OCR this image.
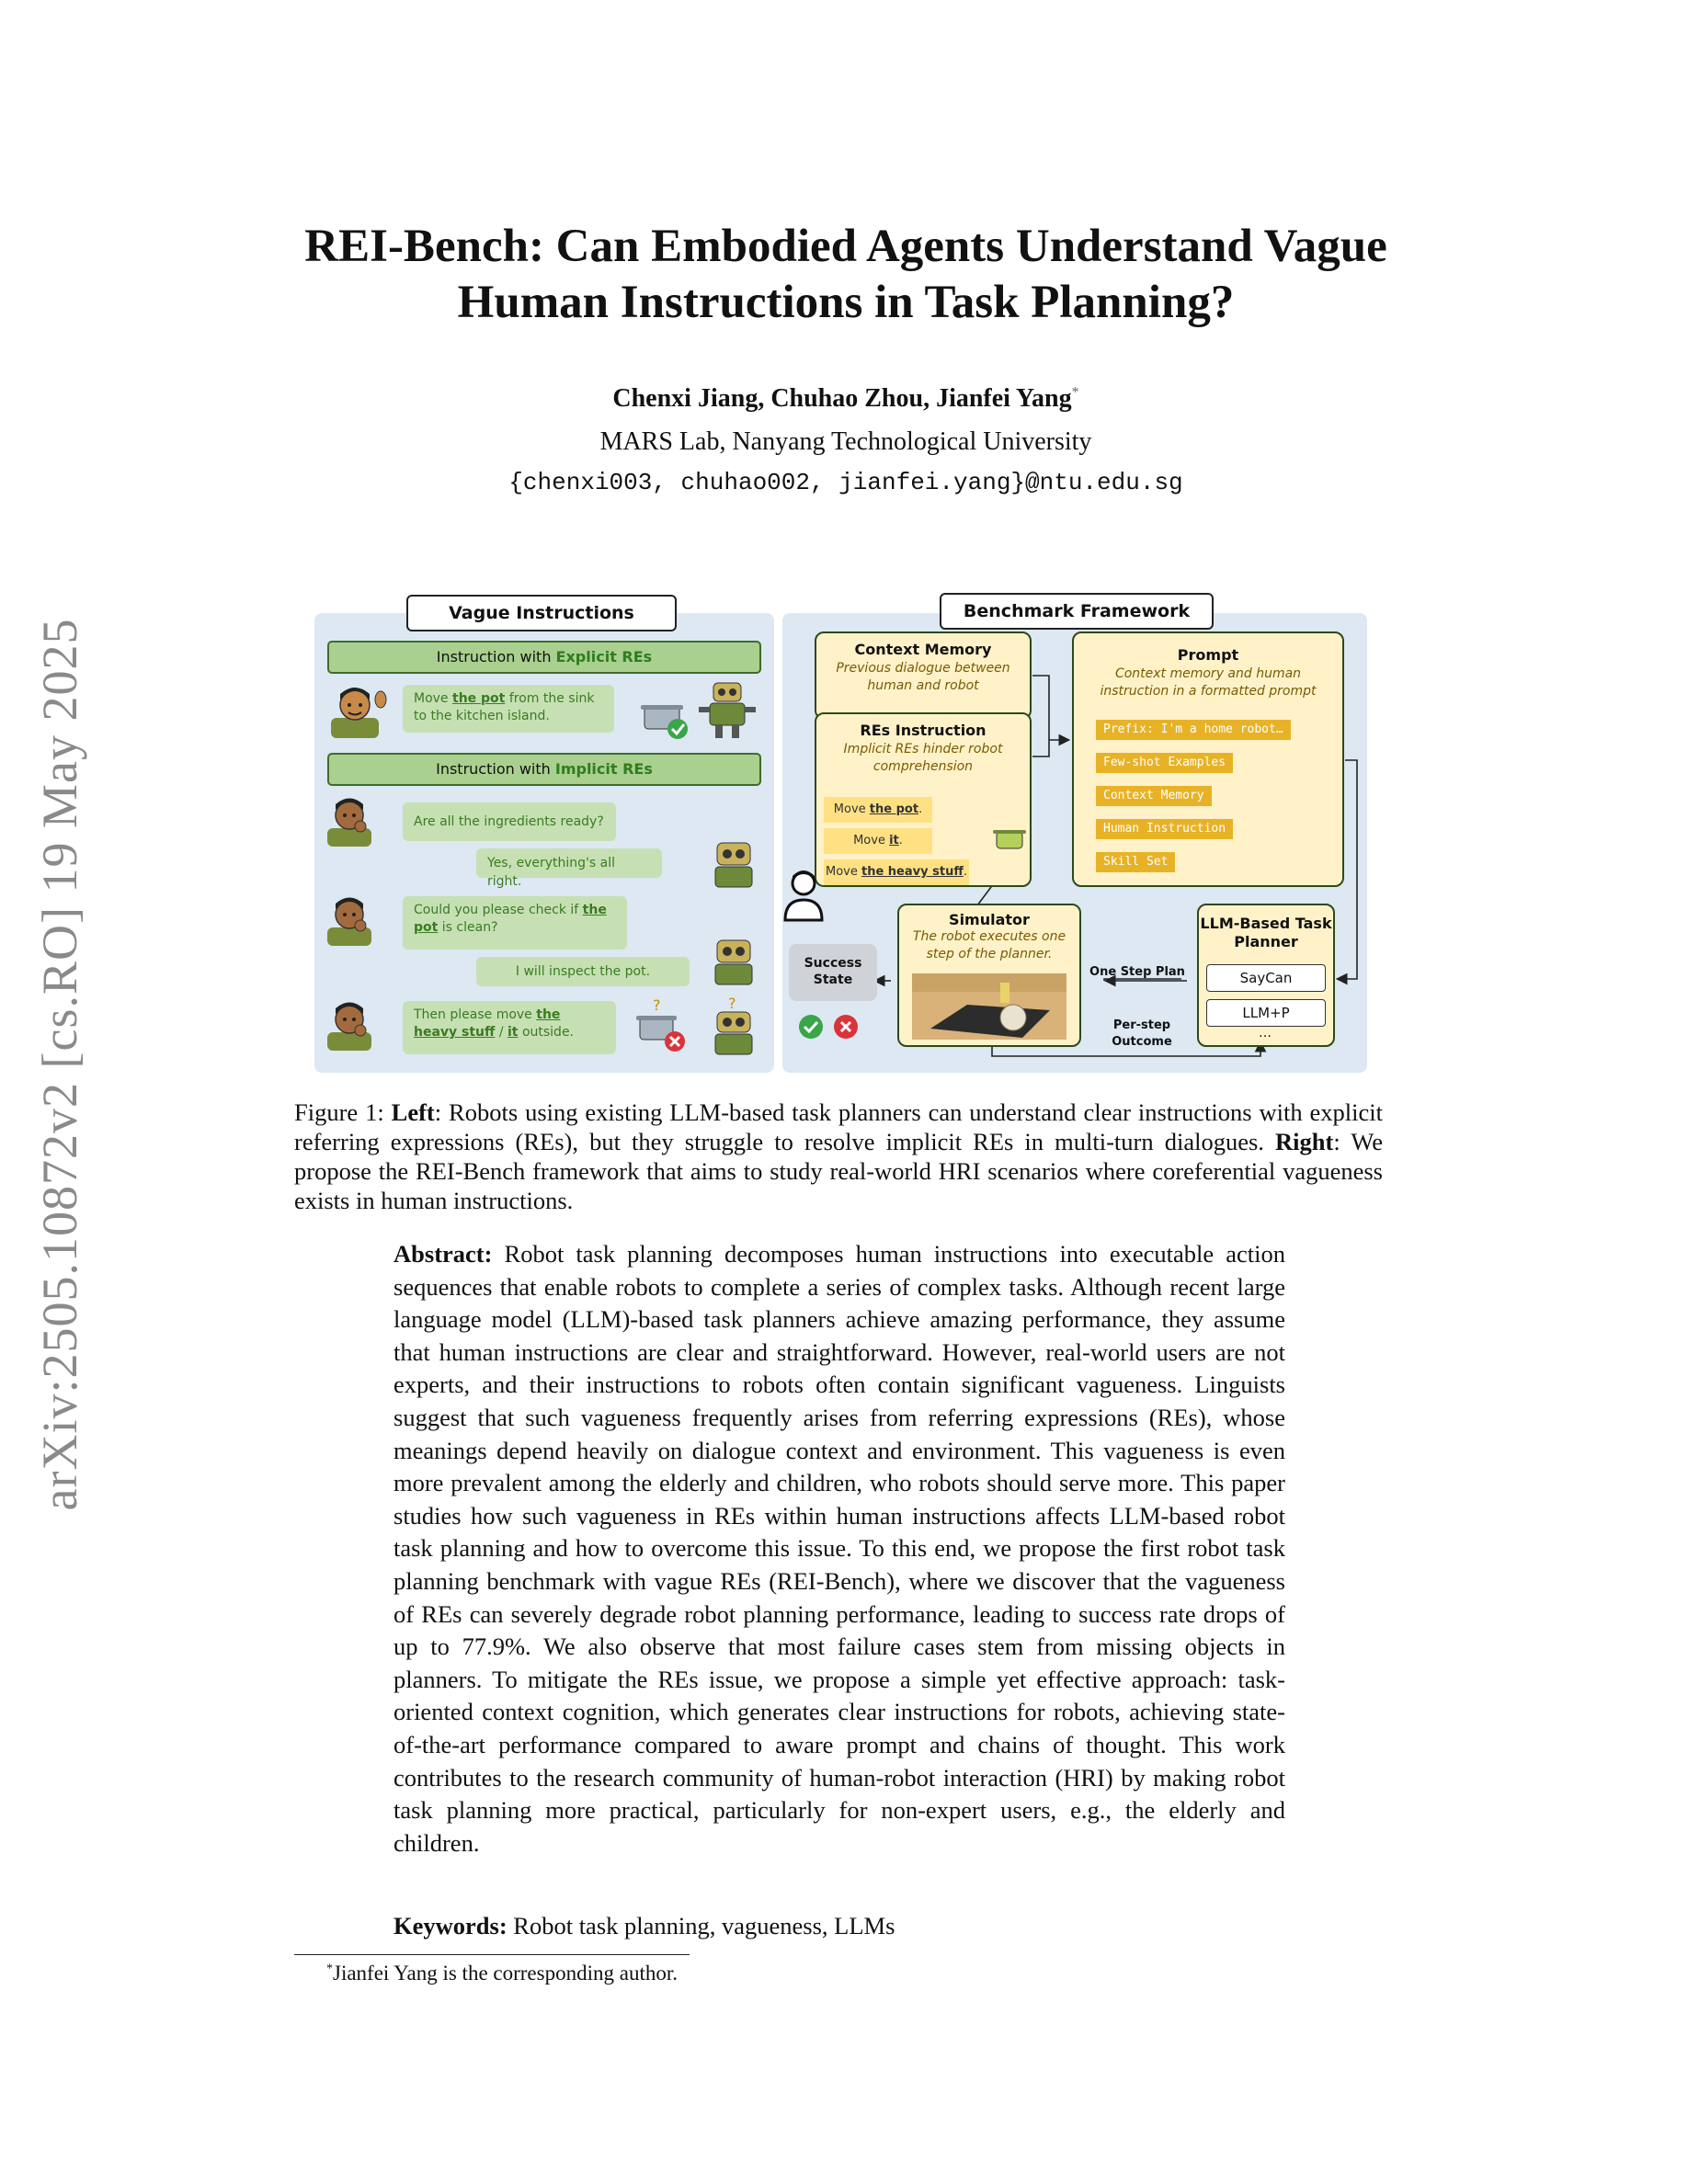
arXiv:2505.10872v2 [cs.RO] 19 May 2025
REI-Bench: Can Embodied Agents Understand Vague
Human Instructions in Task Planning?
Chenxi Jiang, Chuhao Zhou, Jianfei Yang*
MARS Lab, Nanyang Technological University
{chenxi003, chuhao002, jianfei.yang}@ntu.edu.sg
Vague Instructions
Instruction with Explicit REs
Move the pot from the sink to the kitchen island.
Instruction with Implicit REs
Are all the ingredients ready?
Yes, everything's all right.
Could you please check if the pot is clean?
I will inspect the pot.
Then please move the heavy stuff / it outside.
?	?
Benchmark Framework
Context Memory
Previous dialogue between human and robot
REs Instruction
Implicit REs hinder robot comprehension
Move the pot.
Move it.
Move the heavy stuff.
Prompt
Context memory and human instruction in a formatted prompt
Prefix: I'm a home robot…
Few-shot Examples
Context Memory
Human Instruction
Skill Set
Simulator
The robot executes one step of the planner.
Success State
One Step Plan
Per-step Outcome
LLM-Based Task Planner
SayCan
LLM+P
…
Figure 1: Left: Robots using existing LLM-based task planners can understand clear instructions with explicit referring expressions (REs), but they struggle to resolve implicit REs in multi-turn dialogues. Right: We propose the REI-Bench framework that aims to study real-world HRI scenarios where coreferential vagueness exists in human instructions.
Abstract: Robot task planning decomposes human instructions into executable action sequences that enable robots to complete a series of complex tasks. Although recent large language model (LLM)-based task planners achieve amazing performance, they assume that human instructions are clear and straightforward. However, real-world users are not experts, and their instructions to robots often contain significant vagueness. Linguists suggest that such vagueness frequently arises from referring expressions (REs), whose meanings depend heavily on dialogue context and environment. This vagueness is even more prevalent among the elderly and children, who robots should serve more. This paper studies how such vagueness in REs within human instructions affects LLM-based robot task planning and how to overcome this issue. To this end, we propose the first robot task planning benchmark with vague REs (REI-Bench), where we discover that the vagueness of REs can severely degrade robot planning performance, leading to success rate drops of up to 77.9%. We also observe that most failure cases stem from missing objects in planners. To mitigate the REs issue, we propose a simple yet effective approach: task-oriented context cognition, which generates clear instructions for robots, achieving state-of-the-art performance compared to aware prompt and chains of thought. This work contributes to the research community of human-robot interaction (HRI) by making robot task planning more practical, particularly for non-expert users, e.g., the elderly and children.
Keywords: Robot task planning, vagueness, LLMs
*Jianfei Yang is the corresponding author.
